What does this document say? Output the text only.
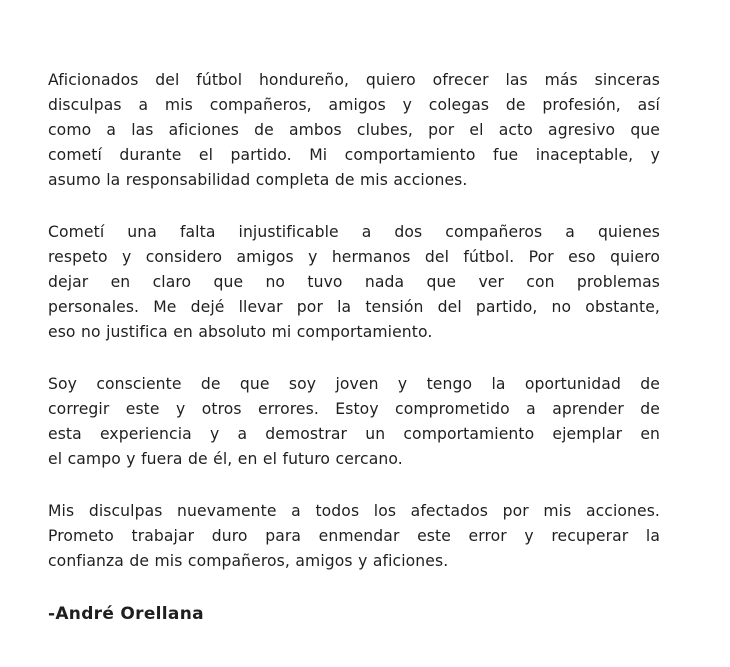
Aficionados del fútbol hondureño, quiero ofrecer las más sinceras
disculpas a mis compañeros, amigos y colegas de profesión, así
como a las aficiones de ambos clubes, por el acto agresivo que
cometí durante el partido. Mi comportamiento fue inaceptable, y
asumo la responsabilidad completa de mis acciones.

Cometí una falta injustificable a dos compañeros a quienes
respeto y considero amigos y hermanos del fútbol. Por eso quiero
dejar en claro que no tuvo nada que ver con problemas
personales. Me dejé llevar por la tensión del partido, no obstante,
eso no justifica en absoluto mi comportamiento.

Soy consciente de que soy joven y tengo la oportunidad de
corregir este y otros errores. Estoy comprometido a aprender de
esta experiencia y a demostrar un comportamiento ejemplar en
el campo y fuera de él, en el futuro cercano.

Mis disculpas nuevamente a todos los afectados por mis acciones.
Prometo trabajar duro para enmendar este error y recuperar la
confianza de mis compañeros, amigos y aficiones.

-André Orellana
